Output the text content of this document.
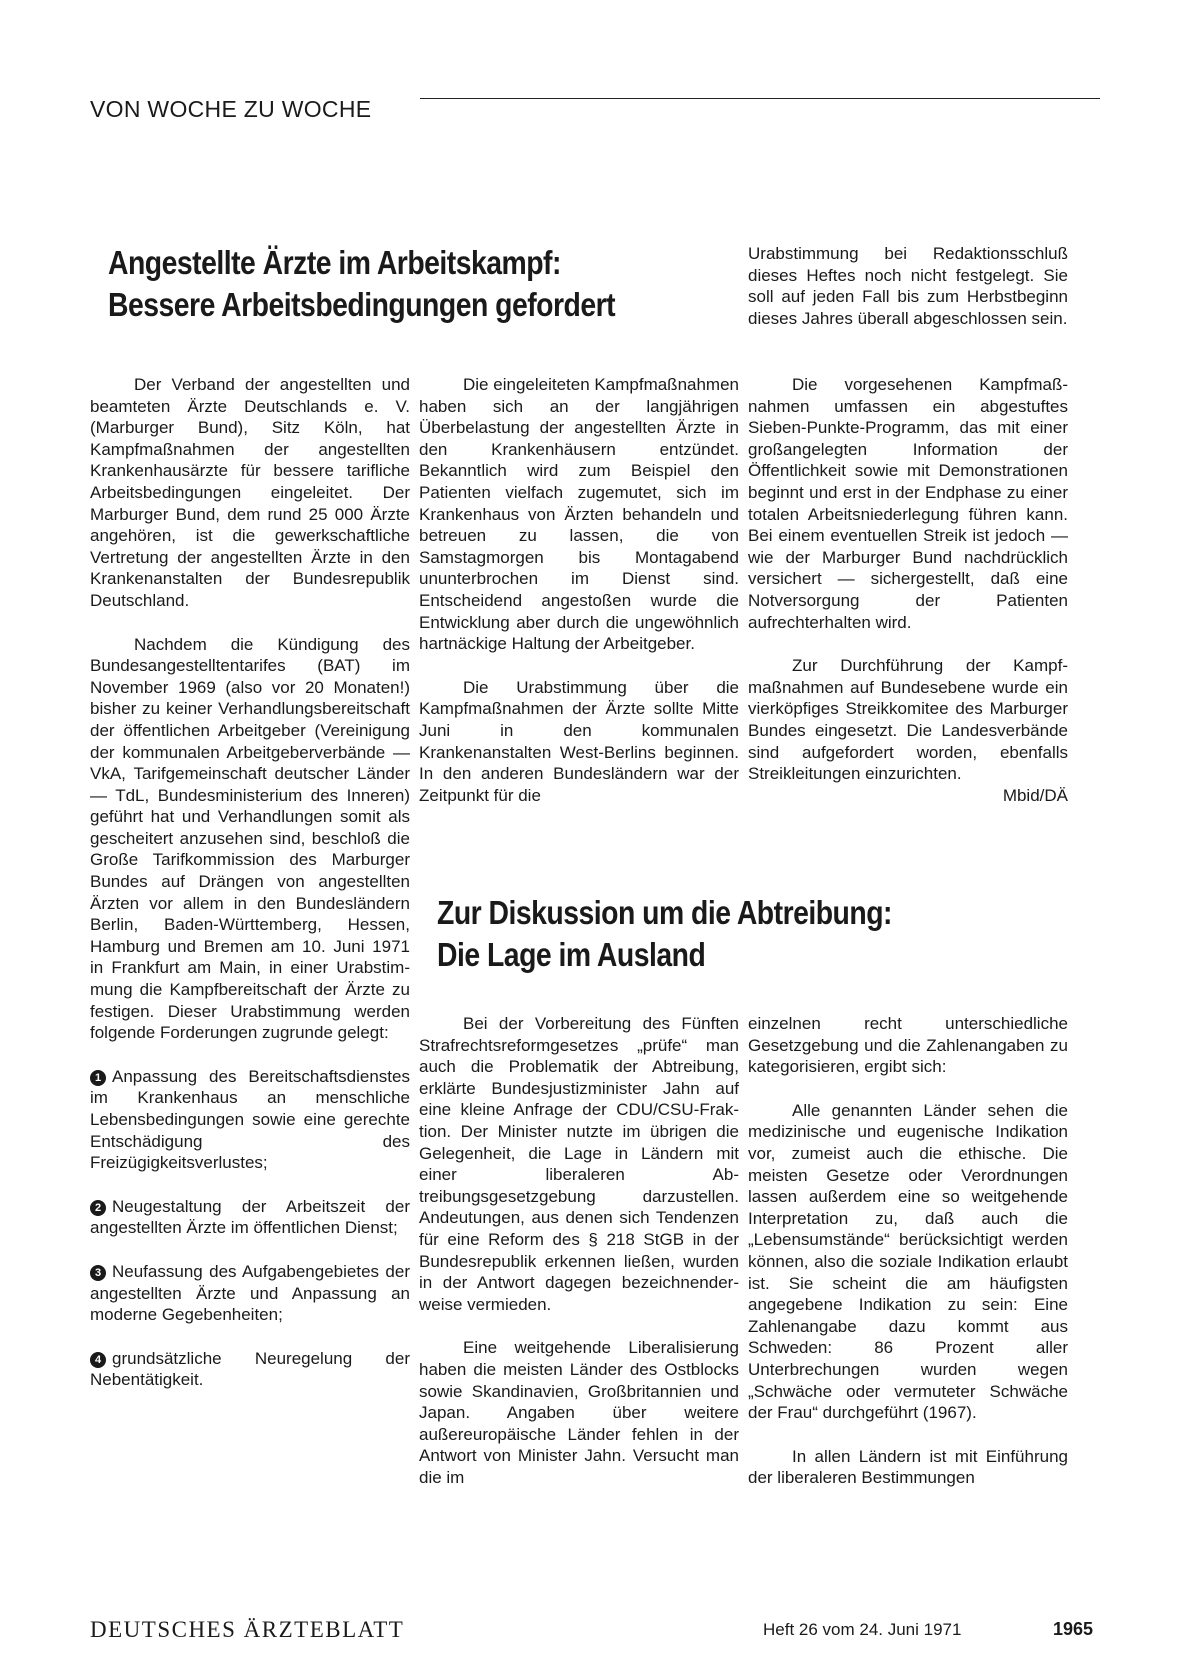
VON WOCHE ZU WOCHE
Angestellte Ärzte im Arbeitskampf:
Bessere Arbeitsbedingungen gefordert

Urabstimmung bei Redaktionsschluß dieses Heftes noch nicht festgelegt. Sie soll auf jeden Fall bis zum Herbstbeginn dieses Jahres überall abgeschlossen sein.

Der Verband der angestellten und beamteten Ärzte Deutschlands e. V. (Marburger Bund), Sitz Köln, hat Kampfmaßnahmen der angestellten Krankenhausärzte für bessere tarifliche Arbeitsbedingungen eingeleitet. Der Marburger Bund, dem rund 25 000 Ärzte angehören, ist die gewerkschaftliche Vertretung der angestellten Ärzte in den Krankenanstalten der Bundesrepublik Deutschland.

Nachdem die Kündigung des Bundesangestelltentarifes (BAT) im November 1969 (also vor 20 Monaten!) bisher zu keiner Verhandlungsbereitschaft der öffentlichen Arbeitgeber (Vereinigung der kommunalen Arbeitgeberverbände — VkA, Tarifgemeinschaft deutscher Länder — TdL, Bundesministerium des Inneren) geführt hat und Verhandlungen somit als gescheitert anzusehen sind, beschloß die Große Tarifkommission des Marburger Bundes auf Drängen von angestellten Ärzten vor allem in den Bundesländern Berlin, Baden-Württemberg, Hessen, Hamburg und Bremen am 10. Juni 1971 in Frankfurt am Main, in einer Urabstimmung die Kampfbereitschaft der Ärzte zu festigen. Dieser Urabstimmung werden folgende Forderungen zugrunde gelegt:

1 Anpassung des Bereitschaftsdienstes im Krankenhaus an menschliche Lebensbedingungen sowie eine gerechte Entschädigung des Freizügigkeitsverlustes;

2 Neugestaltung der Arbeitszeit der angestellten Ärzte im öffentlichen Dienst;

3 Neufassung des Aufgabengebietes der angestellten Ärzte und Anpassung an moderne Gegebenheiten;

4 grundsätzliche Neuregelung der Nebentätigkeit.

Die eingeleiteten Kampfmaßnahmen haben sich an der langjährigen Überbelastung der angestellten Ärzte in den Krankenhäusern entzündet. Bekanntlich wird zum Beispiel den Patienten vielfach zugemutet, sich im Krankenhaus von Ärzten behandeln und betreuen zu lassen, die von Samstagmorgen bis Montagabend ununterbrochen im Dienst sind. Entscheidend angestoßen wurde die Entwicklung aber durch die ungewöhnlich hartnäckige Haltung der Arbeitgeber.

Die Urabstimmung über die Kampfmaßnahmen der Ärzte sollte Mitte Juni in den kommunalen Krankenanstalten West-Berlins beginnen. In den anderen Bundesländern war der Zeitpunkt für die

Die vorgesehenen Kampfmaßnahmen umfassen ein abgestuftes Sieben-Punkte-Programm, das mit einer großangelegten Information der Öffentlichkeit sowie mit Demonstrationen beginnt und erst in der Endphase zu einer totalen Arbeitsniederlegung führen kann. Bei einem eventuellen Streik ist jedoch — wie der Marburger Bund nachdrücklich versichert — sichergestellt, daß eine Notversorgung der Patienten aufrechterhalten wird.

Zur Durchführung der Kampfmaßnahmen auf Bundesebene wurde ein vierköpfiges Streikkomitee des Marburger Bundes eingesetzt. Die Landesverbände sind aufgefordert worden, ebenfalls Streikleitungen einzurichten.
Mbid/DÄ

Zur Diskussion um die Abtreibung:
Die Lage im Ausland

Bei der Vorbereitung des Fünften Strafrechtsreformgesetzes „prüfe“ man auch die Problematik der Abtreibung, erklärte Bundesjustizminister Jahn auf eine kleine Anfrage der CDU/CSU-Fraktion. Der Minister nutzte im übrigen die Gelegenheit, die Lage in Ländern mit einer liberaleren Abtreibungsgesetzgebung darzustellen. Andeutungen, aus denen sich Tendenzen für eine Reform des § 218 StGB in der Bundesrepublik erkennen ließen, wurden in der Antwort dagegen bezeichnenderweise vermieden.

Eine weitgehende Liberalisierung haben die meisten Länder des Ostblocks sowie Skandinavien, Großbritannien und Japan. Angaben über weitere außereuropäische Länder fehlen in der Antwort von Minister Jahn. Versucht man die im

einzelnen recht unterschiedliche Gesetzgebung und die Zahlenangaben zu kategorisieren, ergibt sich:

Alle genannten Länder sehen die medizinische und eugenische Indikation vor, zumeist auch die ethische. Die meisten Gesetze oder Verordnungen lassen außerdem eine so weitgehende Interpretation zu, daß auch die „Lebensumstände“ berücksichtigt werden können, also die soziale Indikation erlaubt ist. Sie scheint die am häufigsten angegebene Indikation zu sein: Eine Zahlenangabe dazu kommt aus Schweden: 86 Prozent aller Unterbrechungen wurden wegen „Schwäche oder vermuteter Schwäche der Frau“ durchgeführt (1967).

In allen Ländern ist mit Einführung der liberaleren Bestimmungen

DEUTSCHES ÄRZTEBLATT	Heft 26 vom 24. Juni 1971	1965
